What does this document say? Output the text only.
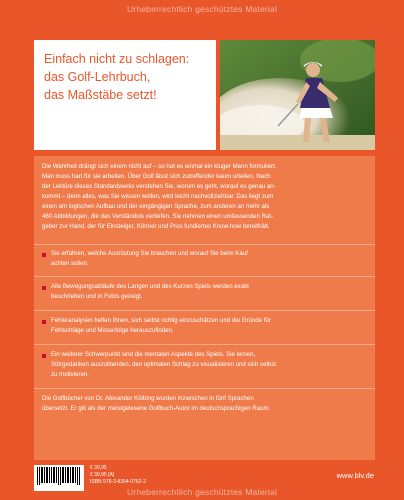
Urheberrechtlich geschütztes Material
Einfach nicht zu schlagen:
das Golf-Lehrbuch,
das Maßstäbe setzt!
Die Wahrheit drängt sich einem nicht auf – so hat es einmal ein kluger Mann formuliert.
Man muss hart für sie arbeiten. Über Golf lässt sich zutreffender kaum urteilen. Nach
der Lektüre dieses Standardwerks verstehen Sie, worum es geht, worauf es genau an-
kommt – denn alles, was Sie wissen wollen, wird leicht nachvollziehbar. Das liegt zum
einen am logischen Aufbau und der eingängigen Sprache, zum anderen an mehr als
460 Abbildungen, die das Verständnis vertiefen. Sie nehmen einen umfassenden Rat-
geber zur Hand, der für Einsteiger, Könner und Pros fundiertes Know-how bereithält.
Sie erfahren, welche Ausrüstung Sie brauchen und worauf Sie beim Kauf
achten sollen.
Alle Bewegungsabläufe des Langen und des Kurzen Spiels werden exakt
beschrieben und in Fotos gezeigt.
Fehleranalysen helfen Ihnen, sich selbst richtig einzuschätzen und die Gründe für
Fehlschläge und Misserfolge herauszufinden.
Ein weiterer Schwerpunkt sind die mentalen Aspekte des Spiels. Sie lernen,
Störgedanken auszublenden, den optimalen Schlag zu visualisieren und sich selbst
zu motivieren.
Die Golfbücher von Dr. Alexander Kölbing wurden inzwischen in fünf Sprachen
übersetzt. Er gilt als der meistgelesene Golfbuch-Autor im deutschsprachigen Raum.
€ 39,95
€ 39,95 [A]
ISBN 978-3-8354-0762-2
www.blv.de
Urheberrechtlich geschütztes Material
